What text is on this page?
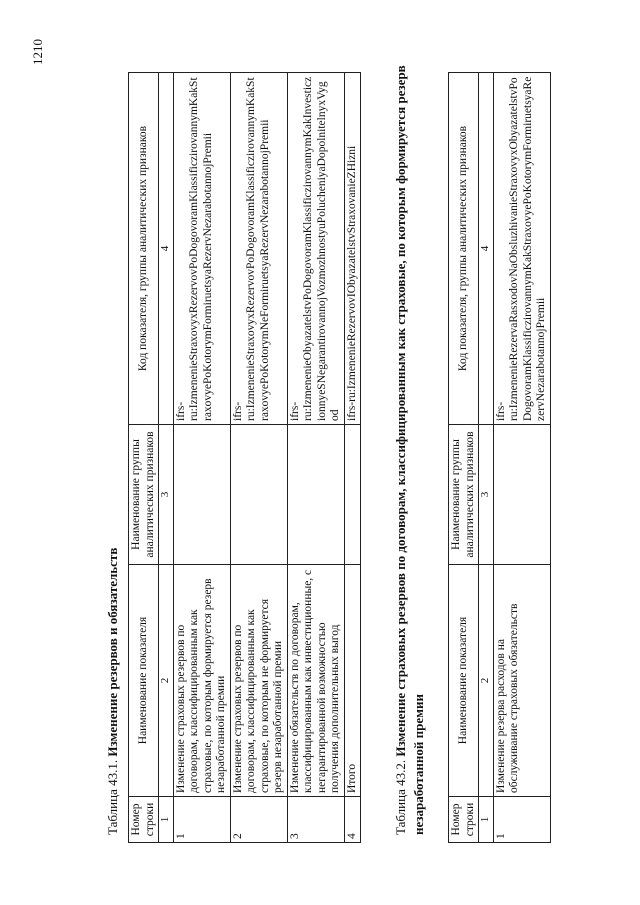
1210
Таблица 43.1. Изменение резервов и обязательств
Номер строки	Наименование показателя	Наименование группы аналитических признаков	Код показателя, группы аналитических признаков
1	2	3	4
1	Изменение страховых резервов по договорам, классифицированным как страховые, по которым формируется резерв незаработанной премии		ifrs-ru:IzmenenieStraxovyxRezervovPoDogovoramKlassificzirovannymKakStraxovyePoKotorymFormiruetsyaRezervNezarabotannojPremii
2	Изменение страховых резервов по договорам, классифицированным как страховые, по которым не формируется резерв незаработанной премии		ifrs-ru:IzmenenieStraxovyxRezervovPoDogovoramKlassificzirovannymKakStraxovyePoKotorymNeFormiruetsyaRezervNezarabotannojPremii
3	Изменение обязательств по договорам, классифицированным как инвестиционные, с негарантированной возможностью получения дополнительных выгод		ifrs-ru:IzmenenieObyazatelstvPoDogovoramKlassificzirovannymKakInvesticzionnyeSNegarantirovannojVozmozhnostyuPolucheniyaDopolnitelnyxVygod
4	Итого		ifrs-ru:IzmenenieRezervovIObyazatelstvStraxovanieZHizni
Таблица 43.2. Изменение страховых резервов по договорам, классифицированным как страховые, по которым формируется резерв незаработанной премии Номер строки	Наименование показателя	Наименование группы аналитических признаков	Код показателя, группы аналитических признаков
1	2	3	4
1	Изменение резерва расходов на обслуживание страховых обязательств		ifrs-ru:IzmenenieRezervaRasxodovNaObsluzhivanieStraxovyxObyazatelstvPoDogovoramKlassificzirovannymKakStraxovyePoKotorymFormiruetsyaRezervNezarabotannojPremii
